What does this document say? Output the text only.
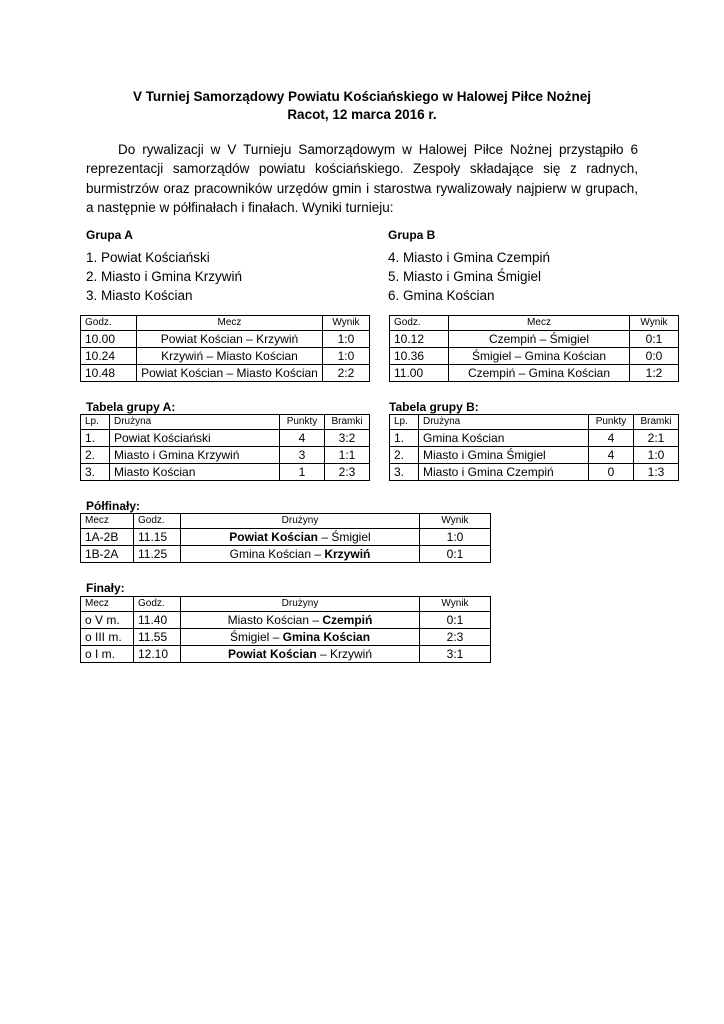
V Turniej Samorządowy Powiatu Kościańskiego w Halowej Piłce Nożnej
Racot, 12 marca 2016 r.
Do rywalizacji w V Turnieju Samorządowym w Halowej Piłce Nożnej przystąpiło 6 reprezentacji samorządów powiatu kościańskiego. Zespoły składające się z radnych, burmistrzów oraz pracowników urzędów gmin i starostwa rywalizowały najpierw w grupach, a następnie w półfinałach i finałach. Wyniki turnieju:
Grupa A
1. Powiat Kościański
2. Miasto i Gmina Krzywiń
3. Miasto Kościan
Grupa B
4. Miasto i Gmina Czempiń
5. Miasto i Gmina Śmigiel
6. Gmina Kościan
Godz.	Mecz	Wynik
10.00	Powiat Kościan – Krzywiń	1:0
10.24	Krzywiń – Miasto Kościan	1:0
10.48	Powiat Kościan – Miasto Kościan	2:2
Godz.	Mecz	Wynik
10.12	Czempiń – Śmigiel	0:1
10.36	Śmigiel – Gmina Kościan	0:0
11.00	Czempiń – Gmina Kościan	1:2
Tabela grupy A:
Lp.	Drużyna	Punkty	Bramki
1.	Powiat Kościański	4	3:2
2.	Miasto i Gmina Krzywiń	3	1:1
3.	Miasto Kościan	1	2:3
Tabela grupy B:
Lp.	Drużyna	Punkty	Bramki
1.	Gmina Kościan	4	2:1
2.	Miasto i Gmina Śmigiel	4	1:0
3.	Miasto i Gmina Czempiń	0	1:3
Półfinały:
Mecz	Godz.	Drużyny	Wynik
1A-2B	11.15	Powiat Kościan – Śmigiel	1:0
1B-2A	11.25	Gmina Kościan – Krzywiń	0:1
Finały:
Mecz	Godz.	Drużyny	Wynik
o V m.	11.40	Miasto Kościan – Czempiń	0:1
o III m.	11.55	Śmigiel – Gmina Kościan	2:3
o I m.	12.10	Powiat Kościan – Krzywiń	3:1
